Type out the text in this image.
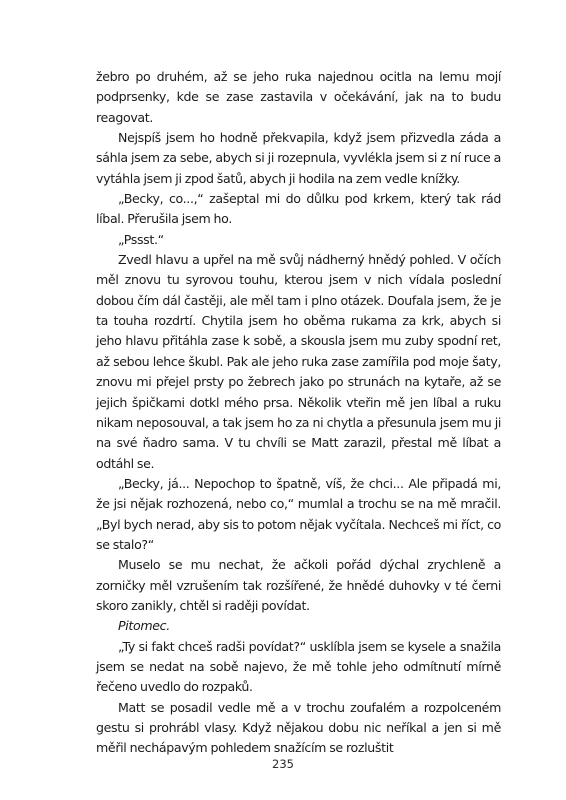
žebro po druhém, až se jeho ruka najednou ocitla na lemu mojí podprsenky, kde se zase zastavila v očekávání, jak na to budu reagovat.

Nejspíš jsem ho hodně překvapila, když jsem přizvedla záda a sáhla jsem za sebe, abych si ji rozepnula, vyvlékla jsem si z ní ruce a vytáhla jsem ji zpod šatů, abych ji hodila na zem vedle knížky.

„Becky, co...,“ zašeptal mi do důlku pod krkem, který tak rád líbal. Přerušila jsem ho.

„Pssst.“

Zvedl hlavu a upřel na mě svůj nádherný hnědý pohled. V očích měl znovu tu syrovou touhu, kterou jsem v nich vídala poslední dobou čím dál častěji, ale měl tam i plno otázek. Doufala jsem, že je ta touha rozdrtí. Chytila jsem ho oběma rukama za krk, abych si jeho hlavu přitáhla zase k sobě, a skousla jsem mu zuby spodní ret, až sebou lehce škubl. Pak ale jeho ruka zase zamířila pod moje šaty, znovu mi přejel prsty po žebrech jako po strunách na kytaře, až se jejich špičkami dotkl mého prsa. Několik vteřin mě jen líbal a ruku nikam neposouval, a tak jsem ho za ni chytla a přesunula jsem mu ji na své ňadro sama. V tu chvíli se Matt zarazil, přestal mě líbat a odtáhl se.

„Becky, já... Nepochop to špatně, víš, že chci... Ale připadá mi, že jsi nějak rozhozená, nebo co,“ mumlal a trochu se na mě mračil. „Byl bych nerad, aby sis to potom nějak vyčítala. Nechceš mi říct, co se stalo?“

Muselo se mu nechat, že ačkoli pořád dýchal zrychleně a zorničky měl vzrušením tak rozšířené, že hnědé duhovky v té černi skoro zanikly, chtěl si raději povídat.

Pitomec.

„Ty si fakt chceš radši povídat?“ usklíbla jsem se kysele a snažila jsem se nedat na sobě najevo, že mě tohle jeho odmítnutí mírně řečeno uvedlo do rozpaků.

Matt se posadil vedle mě a v trochu zoufalém a rozpolceném gestu si prohrábl vlasy. Když nějakou dobu nic neříkal a jen si mě měřil nechápavým pohledem snažícím se rozluštit

235
